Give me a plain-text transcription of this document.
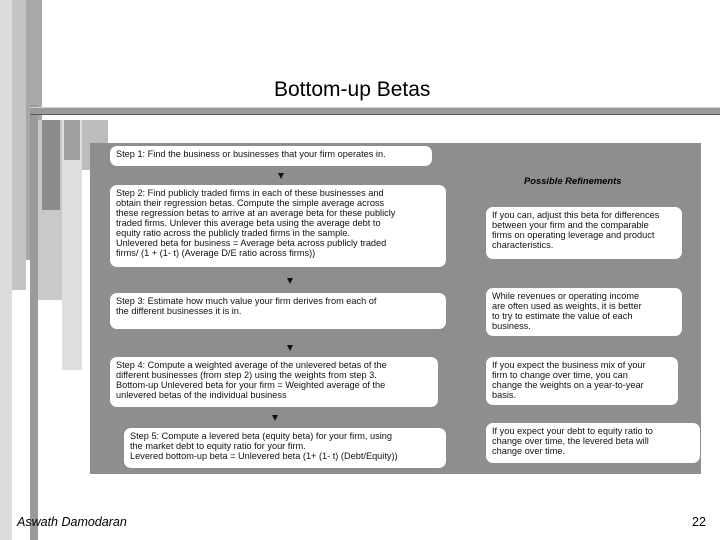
Bottom-up Betas
Step 1: Find the business or businesses that your firm operates in.
Step 2: Find publicly traded firms in each of these businesses and
obtain their regression betas. Compute the simple average across
these regression betas to arrive at an average beta for these publicly
traded firms. Unlever this average beta using the average debt to
equity ratio across the publicly traded firms in the sample.
Unlevered beta for business = Average beta across publicly traded
firms/ (1 + (1- t) (Average D/E ratio across firms))
Step 3: Estimate how much value your firm derives from each of
the different businesses it is in.
Step 4: Compute a weighted average of the unlevered betas of the
different businesses (from step 2) using the weights from step 3.
Bottom-up Unlevered beta for your firm = Weighted average of the
unlevered betas of the individual business
Step 5: Compute a levered beta (equity beta) for your firm, using
the market debt to equity ratio for your firm.
Levered bottom-up beta = Unlevered beta (1+ (1- t) (Debt/Equity))
Possible Refinements
If you can, adjust this beta for differences
between your firm and the comparable
firms on operating leverage and product
characteristics.
While revenues or operating income
are often used as weights, it is better
to try to estimate the value of each
business.
If you expect the business mix of your
firm to change over time, you can
change the weights on a year-to-year
basis.
If you expect your debt to equity ratio to
change over time, the levered beta will
change over time.
Aswath Damodaran	22
